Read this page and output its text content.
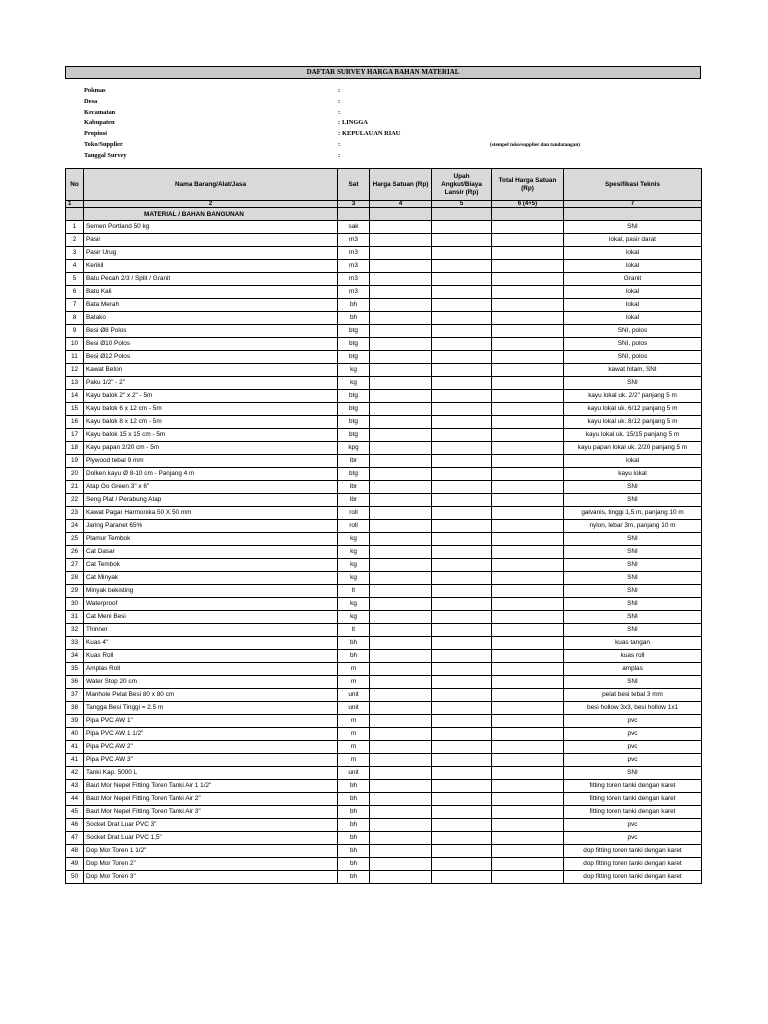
DAFTAR SURVEY HARGA BAHAN MATERIAL
Pokmas	:
Desa	:
Kecamatan	:
Kabupaten	: LINGGA
Propinsi	: KEPULAUAN RIAU
Toko/Supplier	:	(stempel toko/supplier dan tandatangan)
Tanggal Survey	:
No	Nama Barang/Alat/Jasa	Sat	Harga Satuan (Rp)	Upah Angkut/Biaya Lansir (Rp)	Total Harga Satuan (Rp)	Spesifikasi Teknis
1	2	3	4	5	6 (4+5)	7
	MATERIAL / BAHAN BANGUNAN					
1	Semen Portland 50 kg	sak				SNI
2	Pasir	m3				lokal, pasir darat
3	Pasir Urug	m3				lokal
4	Kerikil	m3				lokal
5	Batu Pecah 2/3 / Split / Granit	m3				Granit
6	Batu Kali	m3				lokal
7	Bata Merah	bh				lokal
8	Batako	bh				lokal
9	Besi Ø8 Polos	btg				SNI, polos
10	Besi Ø10 Polos	btg				SNI, polos
11	Besi Ø12 Polos	btg				SNI, polos
12	Kawat Beton	kg				kawat hitam, SNI
13	Paku 1/2" - 2"	kg				SNI
14	Kayu balok 2" x 2" - 5m	btg				kayu lokal uk. 2/2" panjang 5 m
15	Kayu balok 6 x 12 cm - 5m	btg				kayu lokal uk. 6/12 panjang 5 m
16	Kayu balok 8 x 12 cm - 5m	btg				kayu lokal uk. 8/12 panjang 5 m
17	Kayu balok 15 x 15 cm - 5m	btg				kayu lokal uk. 15/15 panjang 5 m
18	Kayu papan 2/20 cm - 5m	kpg				kayu papan lokal uk. 2/20 panjang 5 m
19	Plywood tebal 9 mm	lbr				lokal
20	Dolken kayu Ø 8-10 cm - Panjang 4 m	btg				kayu lokal
21	Atap Go Green 3" x 6"	lbr				SNI
22	Seng Plat / Perabung Atap	lbr				SNI
23	Kawat Pagar Harmonika 50 X 50 mm	roll				galvanis, tinggi 1,5 m, panjang 10 m
24	Jaring Paranet 65%	roll				nylon, lebar 3m, panjang 10 m
25	Plamur Tembok	kg				SNI
26	Cat Dasar	kg				SNI
27	Cat Tembok	kg				SNI
28	Cat Minyak	kg				SNI
29	Minyak bekisting	lt				SNI
30	Waterproof	kg				SNI
31	Cat Meni Besi	kg				SNI
32	Thinner	lt				SNI
33	Kuas 4"	bh				kuas tangan
34	Kuas Roll	bh				kuas roll
35	Amplas Roll	m				amplas
36	Water Stop 20 cm	m				SNI
37	Manhole Pelat Besi 80 x 80 cm	unit				pelat besi tebal 3 mm
38	Tangga Besi Tinggi = 2.5 m	unit				besi hollow 3x3, besi hollow 1x1
39	Pipa PVC AW 1"	m				pvc
40	Pipa PVC AW 1 1/2"	m				pvc
41	Pipa PVC AW 2"	m				pvc
41	Pipa PVC AW 3"	m				pvc
42	Tanki Kap. 5000 L	unit				SNI
43	Baut Mor Nepel Fitting Toren Tanki Air 1 1/2"	bh				fitting toren tanki dengan karet
44	Baut Mor Nepel Fitting Toren Tanki Air 2"	bh				fitting toren tanki dengan karet
45	Baut Mor Nepel Fitting Toren Tanki Air 3"	bh				fitting toren tanki dengan karet
46	Socket Drat Luar PVC 3"	bh				pvc
47	Socket Drat Luar PVC 1,5"	bh				pvc
48	Dop Mor Toren 1 1/2"	bh				dop fitting toren tanki dengan karet
49	Dop Mor Toren 2"	bh				dop fitting toren tanki dengan karet
50	Dop Mor Toren 3"	bh				dop fitting toren tanki dengan karet
